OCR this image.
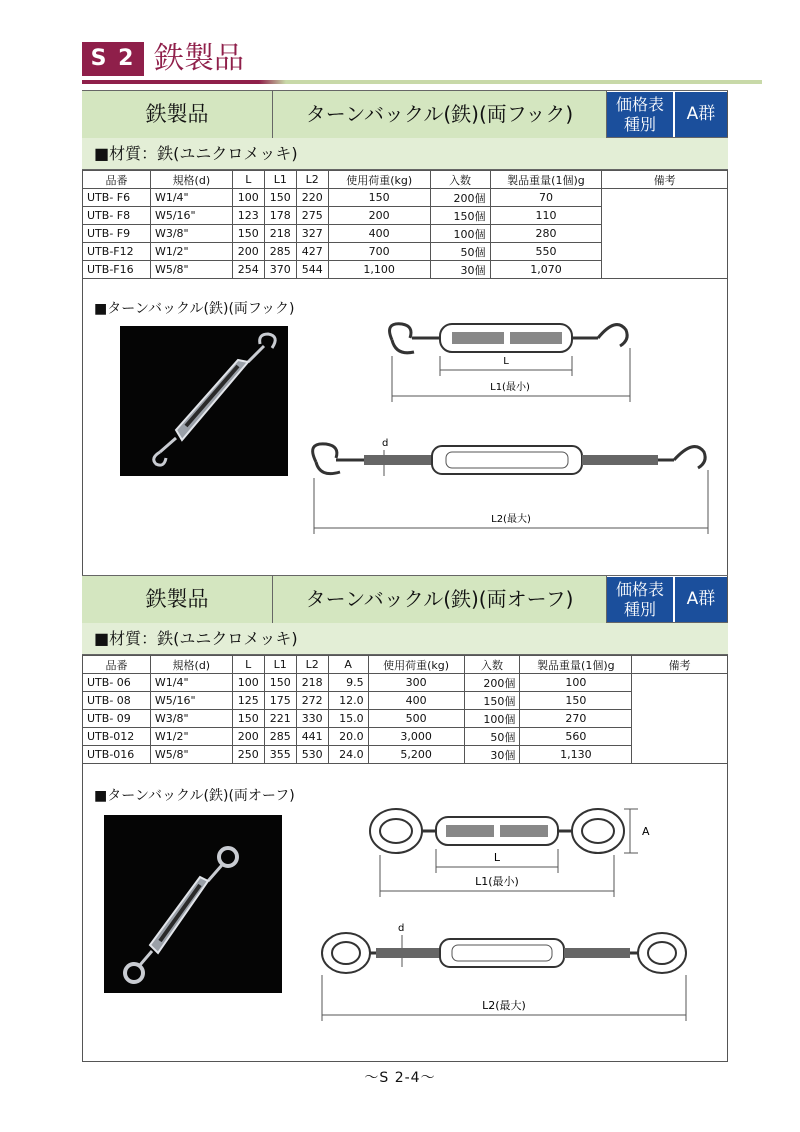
S 2 鉄製品
鉄製品	ターンバックル(鉄)(両フック)	価格表
種別
A群
■材質：鉄(ユニクロメッキ)
品番	規格(d)	L	L1	L2	使用荷重(kg)	入数	製品重量(1個)g	備考
UTB- F6	W1/4"	100	150	220	150	200個	70	
UTB- F8	W5/16"	123	178	275	200	150個	110	
UTB- F9	W3/8"	150	218	327	400	100個	280	
UTB-F12	W1/2"	200	285	427	700	50個	550	
UTB-F16	W5/8"	254	370	544	1,100	30個	1,070	
■ターンバックル(鉄)(両フック)
L
L1(最小)
d
L2(最大)
鉄製品	ターンバックル(鉄)(両オーフ)	価格表
種別
A群
■材質：鉄(ユニクロメッキ)
品番	規格(d)	L	L1	L2	A	使用荷重(kg)	入数	製品重量(1個)g	備考
UTB- 06	W1/4"	100	150	218	9.5	300	200個	100	
UTB- 08	W5/16"	125	175	272	12.0	400	150個	150	
UTB- 09	W3/8"	150	221	330	15.0	500	100個	270	
UTB-012	W1/2"	200	285	441	20.0	3,000	50個	560	
UTB-016	W5/8"	250	355	530	24.0	5,200	30個	1,130	
■ターンバックル(鉄)(両オーフ)
A
L
L1(最小)
d
L2(最大)
～S 2-4～
